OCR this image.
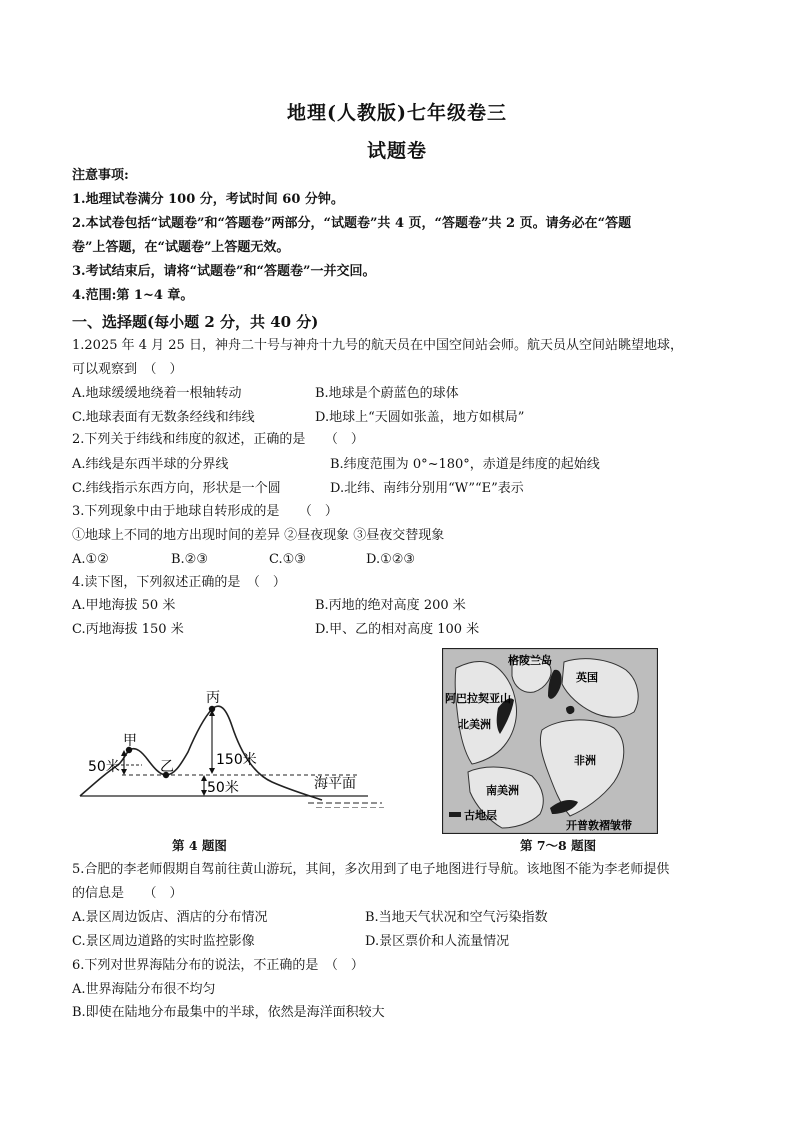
地理(人教版)七年级卷三
试题卷
注意事项:
1.地理试卷满分 100 分，考试时间 60 分钟。
2.本试卷包括“试题卷”和“答题卷”两部分，“试题卷”共 4 页，“答题卷”共 2 页。请务必在“答题
卷”上答题，在“试题卷”上答题无效。
3.考试结束后，请将“试题卷”和“答题卷”一并交回。
4.范围:第 1~4 章。
一、选择题(每小题 2 分，共 40 分)
1.2025 年 4 月 25 日，神舟二十号与神舟十九号的航天员在中国空间站会师。航天员从空间站眺望地球，
可以观察到　（　）
A.地球缓缓地绕着一根轴转动	B.地球是个蔚蓝色的球体
C.地球表面有无数条经线和纬线	D.地球上“天圆如张盖，地方如棋局”
2.下列关于纬线和纬度的叙述，正确的是　　（　）
A.纬线是东西半球的分界线	B.纬度范围为 0°~180°，赤道是纬度的起始线
C.纬线指示东西方向，形状是一个圆	D.北纬、南纬分别用“W”“E”表示
3.下列现象中由于地球自转形成的是　　（　）
①地球上不同的地方出现时间的差异 ②昼夜现象 ③昼夜交替现象
A.①②	B.②③	C.①③	D.①②③
4.读下图，下列叙述正确的是　（　）
A.甲地海拔 50 米	B.丙地的绝对高度 200 米
C.丙地海拔 150 米	D.甲、乙的相对高度 100 米
甲
乙
丙
50米	150米
50米	海平面
第 4 题图
格陵兰岛
英国
阿巴拉契亚山
北美洲
非洲
南美洲
古地层
开普敦褶皱带
第 7～8 题图
5.合肥的李老师假期自驾前往黄山游玩，其间，多次用到了电子地图进行导航。该地图不能为李老师提供
的信息是　　（　）
A.景区周边饭店、酒店的分布情况	B.当地天气状况和空气污染指数
C.景区周边道路的实时监控影像	D.景区票价和人流量情况
6.下列对世界海陆分布的说法，不正确的是　（　）
A.世界海陆分布很不均匀
B.即使在陆地分布最集中的半球，依然是海洋面积较大
